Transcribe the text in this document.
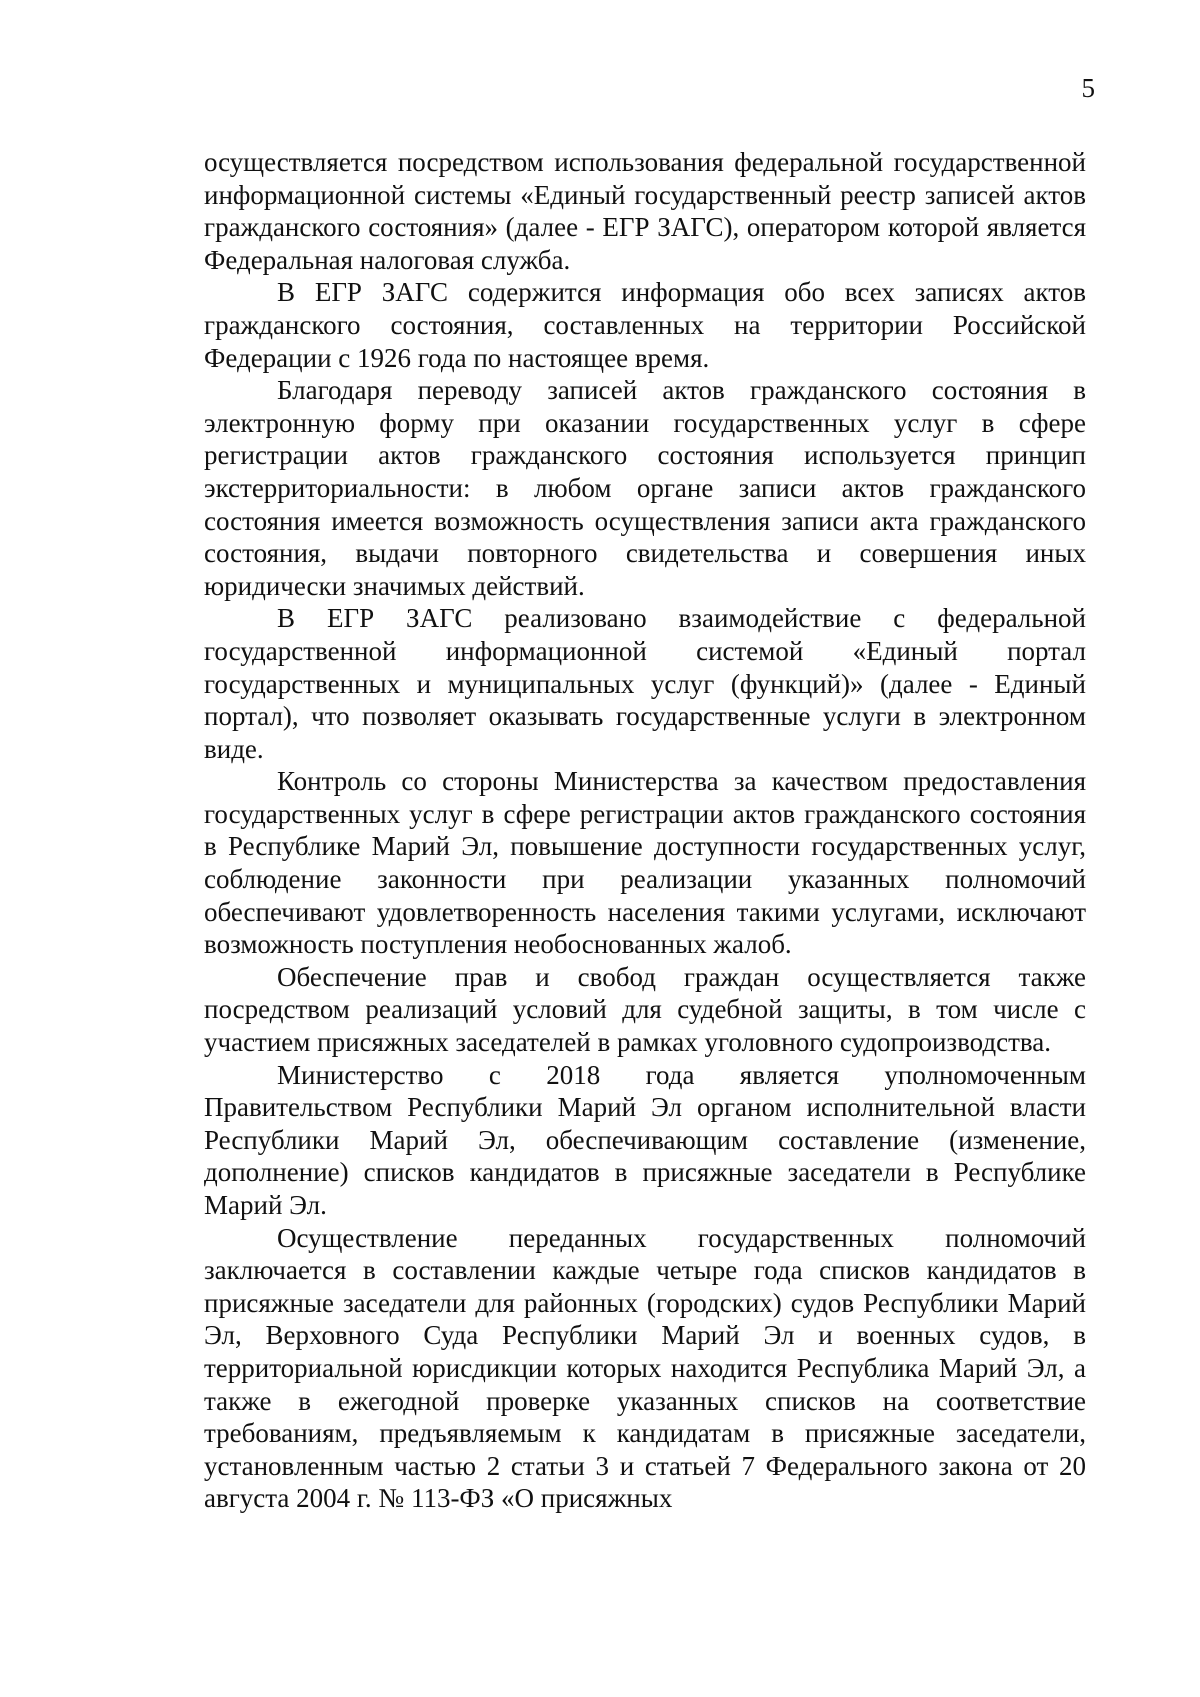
5

осуществляется посредством использования федеральной государственной информационной системы «Единый государственный реестр записей актов гражданского состояния» (далее - ЕГР ЗАГС), оператором которой является Федеральная налоговая служба.

В ЕГР ЗАГС содержится информация обо всех записях актов гражданского состояния, составленных на территории Российской Федерации с 1926 года по настоящее время.

Благодаря переводу записей актов гражданского состояния в электронную форму при оказании государственных услуг в сфере регистрации актов гражданского состояния используется принцип экстерриториальности: в любом органе записи актов гражданского состояния имеется возможность осуществления записи акта гражданского состояния, выдачи повторного свидетельства и совершения иных юридически значимых действий.

В ЕГР ЗАГС реализовано взаимодействие с федеральной государственной информационной системой «Единый портал государственных и муниципальных услуг (функций)» (далее - Единый портал), что позволяет оказывать государственные услуги в электронном виде.

Контроль со стороны Министерства за качеством предоставления государственных услуг в сфере регистрации актов гражданского состояния в Республике Марий Эл, повышение доступности государственных услуг, соблюдение законности при реализации указанных полномочий обеспечивают удовлетворенность населения такими услугами, исключают возможность поступления необоснованных жалоб.

Обеспечение прав и свобод граждан осуществляется также посредством реализаций условий для судебной защиты, в том числе с участием присяжных заседателей в рамках уголовного судопроизводства.

Министерство с 2018 года является уполномоченным Правительством Республики Марий Эл органом исполнительной власти Республики Марий Эл, обеспечивающим составление (изменение, дополнение) списков кандидатов в присяжные заседатели в Республике Марий Эл.

Осуществление переданных государственных полномочий заключается в составлении каждые четыре года списков кандидатов в присяжные заседатели для районных (городских) судов Республики Марий Эл, Верховного Суда Республики Марий Эл и военных судов, в территориальной юрисдикции которых находится Республика Марий Эл, а также в ежегодной проверке указанных списков на соответствие требованиям, предъявляемым к кандидатам в присяжные заседатели, установленным частью 2 статьи 3 и статьей 7 Федерального закона от 20 августа 2004 г. № 113-ФЗ «О присяжных
